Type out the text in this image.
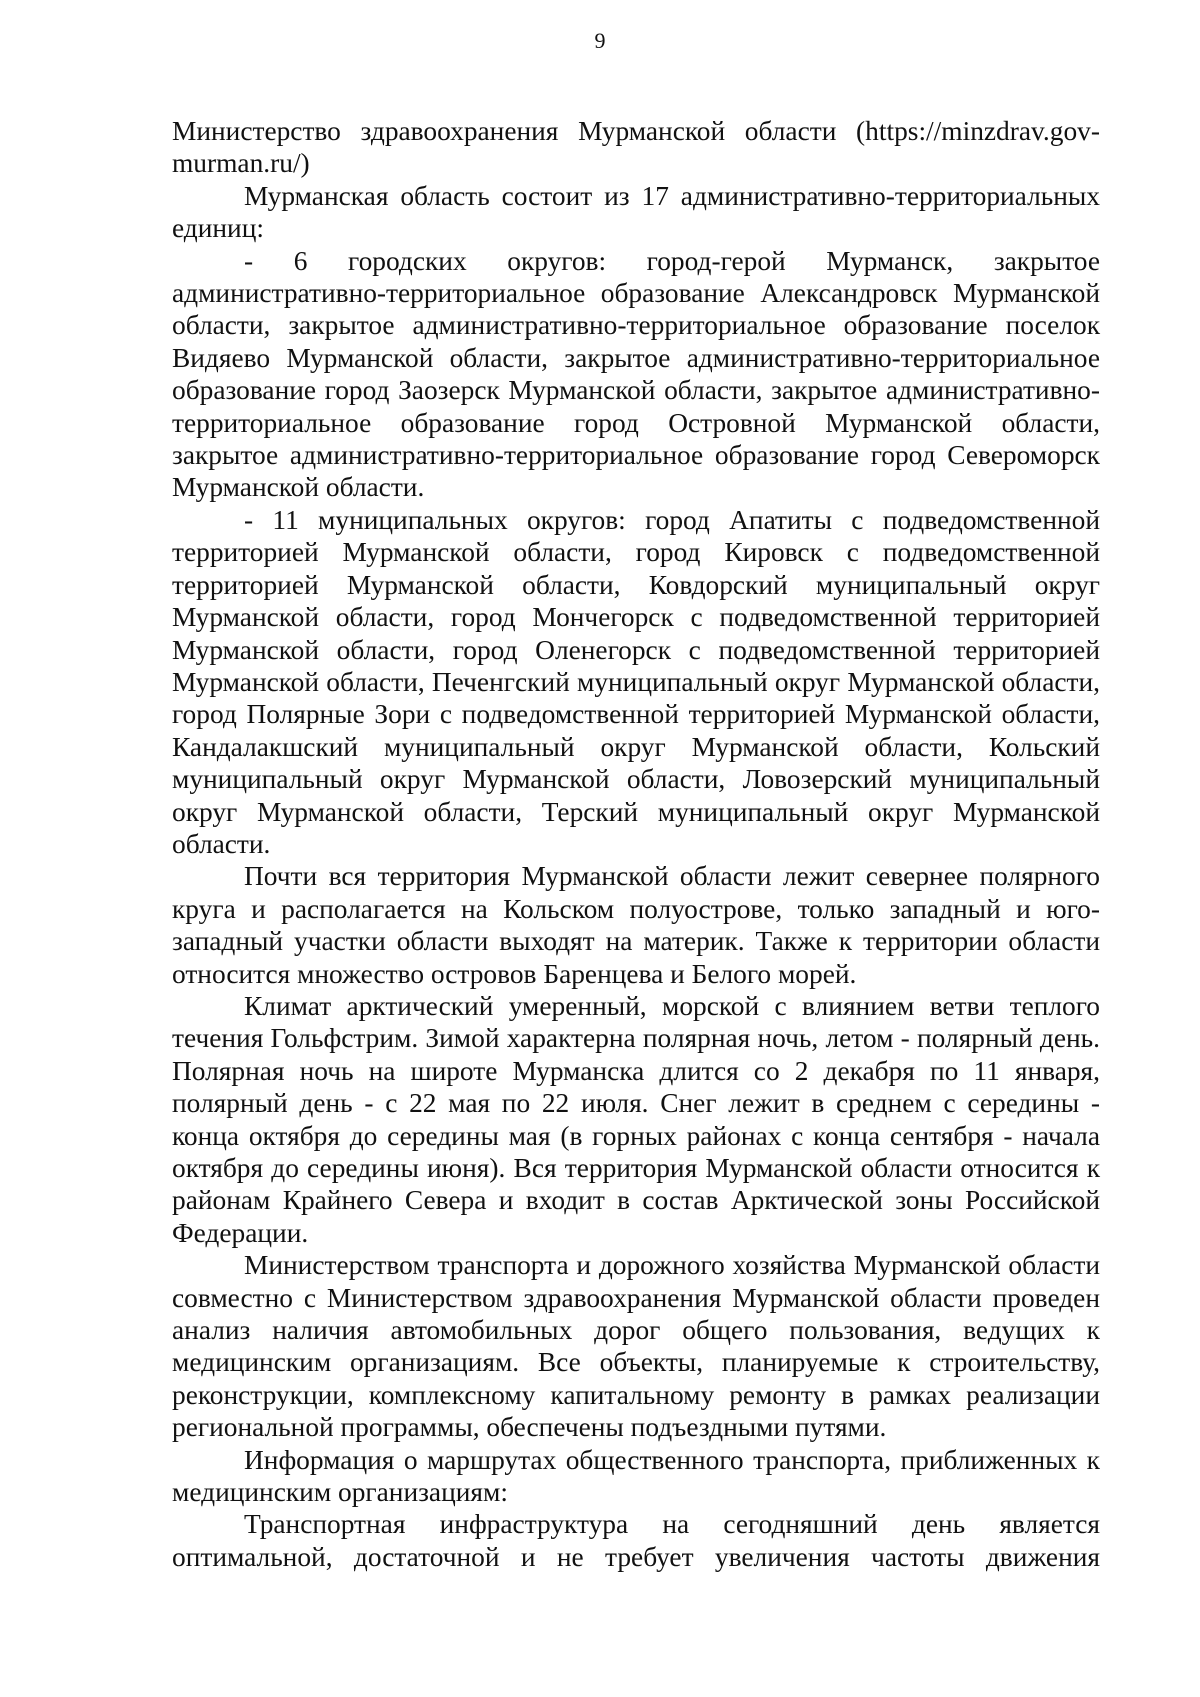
9

Министерство здравоохранения Мурманской области (https://minzdrav.gov-murman.ru/)

Мурманская область состоит из 17 административно-территориальных единиц:

- 6 городских округов: город-герой Мурманск, закрытое административно-территориальное образование Александровск Мурманской области, закрытое административно-территориальное образование поселок Видяево Мурманской области, закрытое административно-территориальное образование город Заозерск Мурманской области, закрытое административно-территориальное образование город Островной Мурманской области, закрытое административно-территориальное образование город Североморск Мурманской области.

- 11 муниципальных округов: город Апатиты с подведомственной территорией Мурманской области, город Кировск с подведомственной территорией Мурманской области, Ковдорский муниципальный округ Мурманской области, город Мончегорск с подведомственной территорией Мурманской области, город Оленегорск с подведомственной территорией Мурманской области, Печенгский муниципальный округ Мурманской области, город Полярные Зори с подведомственной территорией Мурманской области, Кандалакшский муниципальный округ Мурманской области, Кольский муниципальный округ Мурманской области, Ловозерский муниципальный округ Мурманской области, Терский муниципальный округ Мурманской области.

Почти вся территория Мурманской области лежит севернее полярного круга и располагается на Кольском полуострове, только западный и юго-западный участки области выходят на материк. Также к территории области относится множество островов Баренцева и Белого морей.

Климат арктический умеренный, морской с влиянием ветви теплого течения Гольфстрим. Зимой характерна полярная ночь, летом - полярный день. Полярная ночь на широте Мурманска длится со 2 декабря по 11 января, полярный день - с 22 мая по 22 июля. Снег лежит в среднем с середины - конца октября до середины мая (в горных районах с конца сентября - начала октября до середины июня). Вся территория Мурманской области относится к районам Крайнего Севера и входит в состав Арктической зоны Российской Федерации.

Министерством транспорта и дорожного хозяйства Мурманской области совместно с Министерством здравоохранения Мурманской области проведен анализ наличия автомобильных дорог общего пользования, ведущих к медицинским организациям. Все объекты, планируемые к строительству, реконструкции, комплексному капитальному ремонту в рамках реализации региональной программы, обеспечены подъездными путями.

Информация о маршрутах общественного транспорта, приближенных к медицинским организациям:

Транспортная инфраструктура на сегодняшний день является оптимальной, достаточной и не требует увеличения частоты движения
